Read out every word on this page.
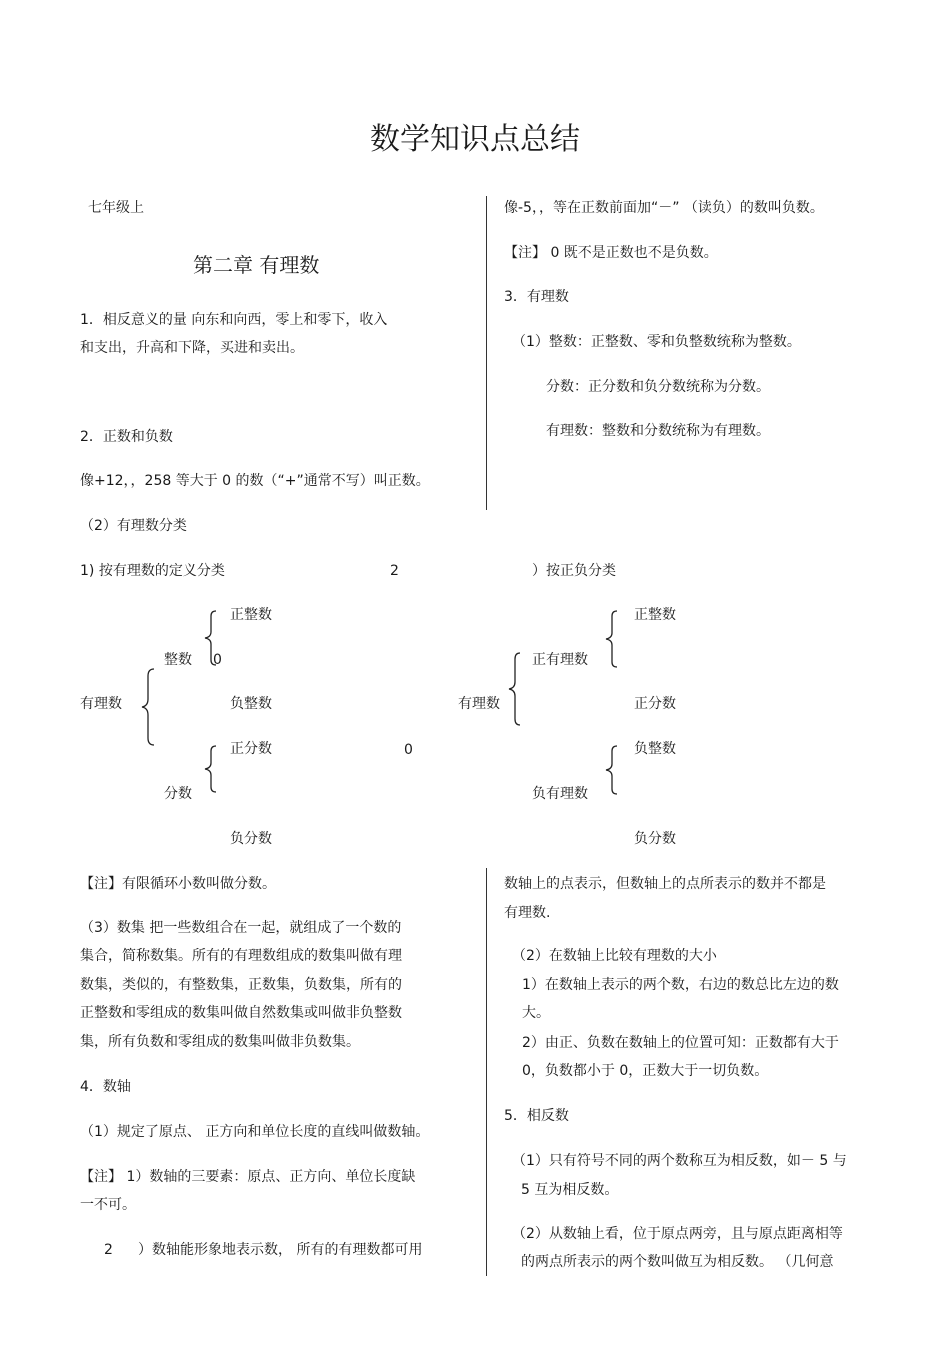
数学知识点总结
七年级上
第二章 有理数
1．相反意义的量 向东和向西，零上和零下，收入
和支出，升高和下降，买进和卖出。
2．正数和负数
像+12，，258 等大于 0 的数（“+”通常不写）叫正数。
像-5，，等在正数前面加“－” （读负）的数叫负数。
【注】 0 既不是正数也不是负数。
3．有理数
（1）整数：正整数、零和负整数统称为整数。
分数：正分数和负分数统称为分数。
有理数：整数和分数统称为有理数。
（2）有理数分类
1) 按有理数的定义分类	2	）按正负分类
有理数
整数
分数
正整数
0
负整数
正分数
负分数
0
有理数
正有理数
负有理数
正整数
正分数
负整数
负分数
【注】有限循环小数叫做分数。
（3）数集 把一些数组合在一起，就组成了一个数的
集合，简称数集。所有的有理数组成的数集叫做有理
数集，类似的，有整数集，正数集，负数集，所有的
正整数和零组成的数集叫做自然数集或叫做非负整数
集，所有负数和零组成的数集叫做非负数集。
4．数轴
（1）规定了原点、 正方向和单位长度的直线叫做数轴。
【注】 1）数轴的三要素：原点、正方向、单位长度缺
一不可。
2 ）数轴能形象地表示数， 所有的有理数都可用
数轴上的点表示，但数轴上的点所表示的数并不都是
有理数.
（2）在数轴上比较有理数的大小
1）在数轴上表示的两个数，右边的数总比左边的数
大。
2）由正、负数在数轴上的位置可知：正数都有大于
0，负数都小于 0，正数大于一切负数。
5．相反数
（1）只有符号不同的两个数称互为相反数，如－ 5 与
5 互为相反数。
（2）从数轴上看，位于原点两旁，且与原点距离相等
的两点所表示的两个数叫做互为相反数。 （几何意
